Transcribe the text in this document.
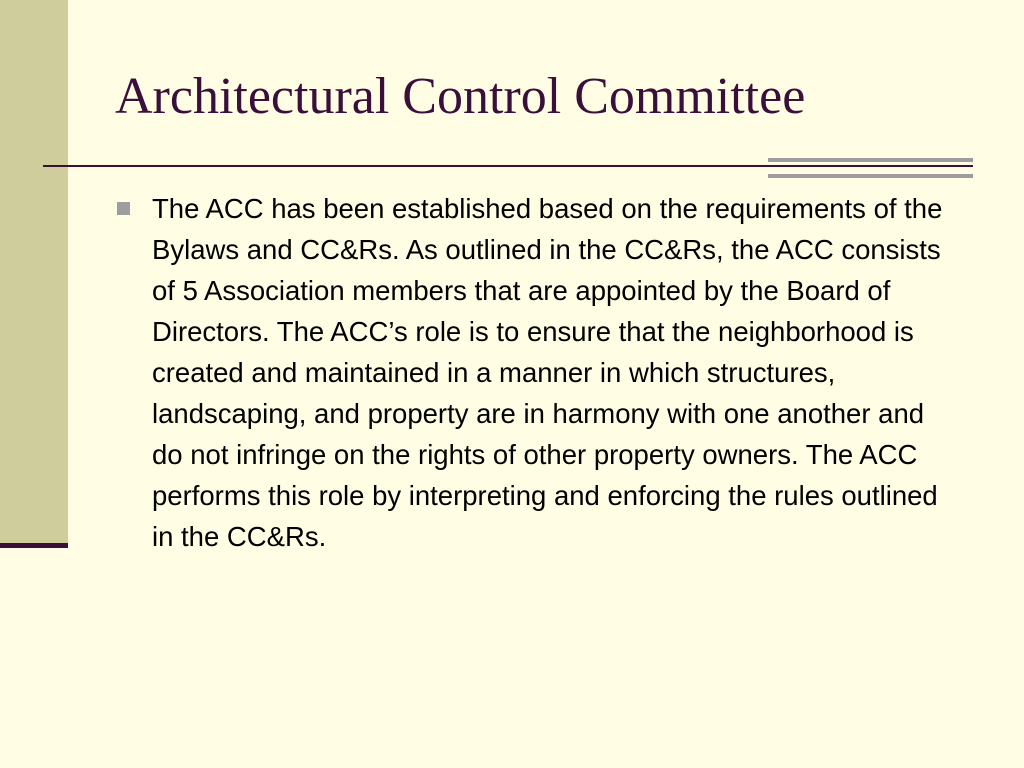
Architectural Control Committee
The ACC has been established based on the requirements of the Bylaws and CC&Rs. As outlined in the CC&Rs, the ACC consists of 5 Association members that are appointed by the Board of Directors. The ACC’s role is to ensure that the neighborhood is created and maintained in a manner in which structures, landscaping, and property are in harmony with one another and do not infringe on the rights of other property owners. The ACC performs this role by interpreting and enforcing the rules outlined in the CC&Rs.
